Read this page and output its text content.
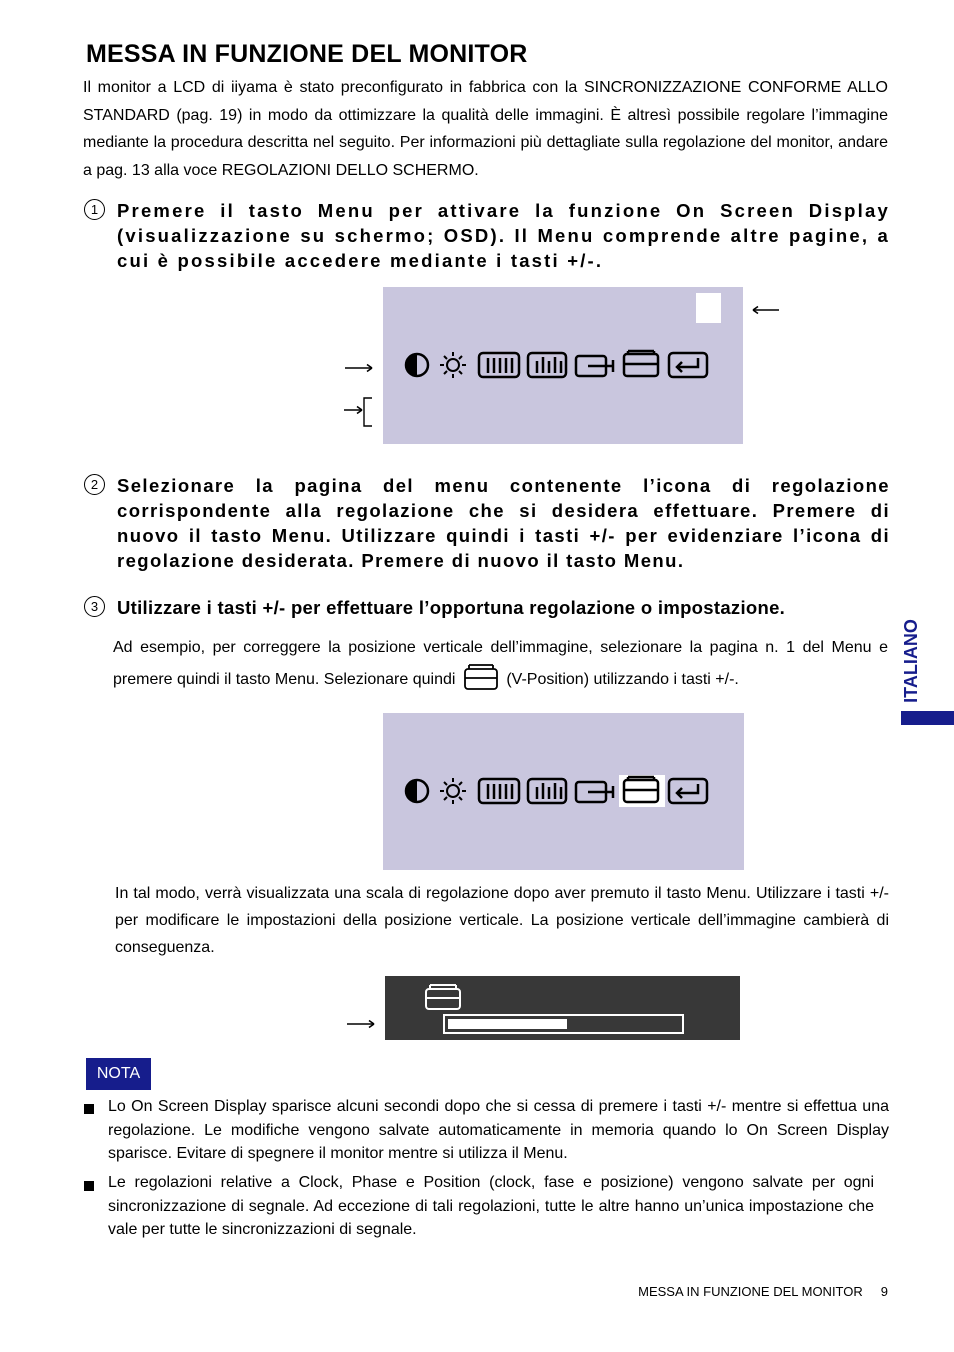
MESSA IN FUNZIONE DEL MONITOR

Il monitor a LCD di iiyama è stato preconfigurato in fabbrica con la SINCRONIZZAZIONE CONFORME ALLO STANDARD (pag. 19) in modo da ottimizzare la qualità delle immagini. È altresì possibile regolare l’immagine mediante la procedura descritta nel seguito. Per informazioni più dettagliate sulla regolazione del monitor, andare a pag. 13 alla voce REGOLAZIONI DELLO SCHERMO.

1	Premere il tasto Menu per attivare la funzione On Screen Display (visualizzazione su schermo; OSD). Il Menu comprende altre pagine, a cui è possibile accedere mediante i tasti +/-.
2	Selezionare la pagina del menu contenente l’icona di regolazione corrispondente alla regolazione che si desidera effettuare. Premere di nuovo il tasto Menu. Utilizzare quindi i tasti +/- per evidenziare l’icona di regolazione desiderata. Premere di nuovo il tasto Menu.
3	Utilizzare i tasti +/- per effettuare l’opportuna regolazione o impostazione.

Ad esempio, per correggere la posizione verticale dell’immagine, selezionare la pagina n. 1 del Menu e premere quindi il tasto Menu. Selezionare quindi	(V-Position) utilizzando i tasti +/-.

In tal modo, verrà visualizzata una scala di regolazione dopo aver premuto il tasto Menu. Utilizzare i tasti +/- per modificare le impostazioni della posizione verticale. La posizione verticale dell’immagine cambierà di conseguenza.

NOTA
Lo On Screen Display sparisce alcuni secondi dopo che si cessa di premere i tasti +/- mentre si effettua una regolazione. Le modifiche vengono salvate automaticamente in memoria quando lo On Screen Display sparisce. Evitare di spegnere il monitor mentre si utilizza il Menu.
Le regolazioni relative a Clock, Phase e Position (clock, fase e posizione) vengono salvate per ogni sincronizzazione di segnale. Ad eccezione di tali regolazioni, tutte le altre hanno un’unica impostazione che vale per tutte le sincronizzazioni di segnale.
ITALIANO
MESSA IN FUNZIONE DEL MONITOR 9
